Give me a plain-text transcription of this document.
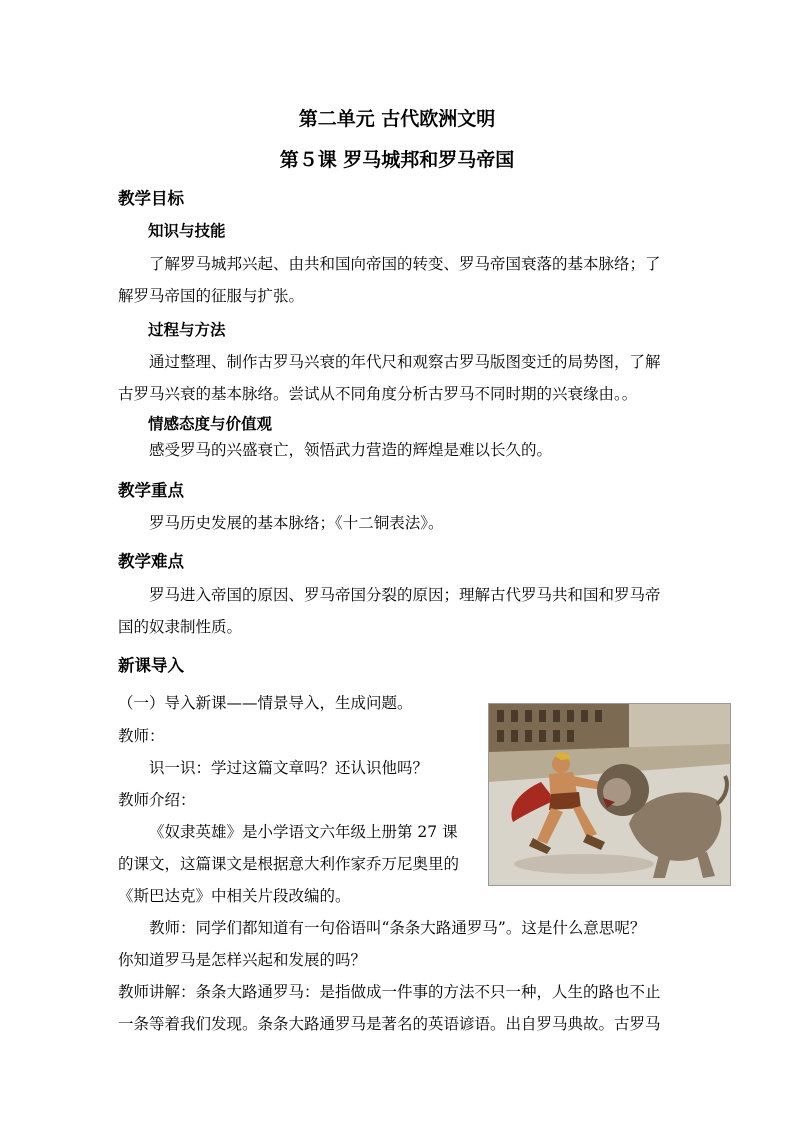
第二单元 古代欧洲文明
第５课 罗马城邦和罗马帝国
教学目标
知识与技能
了解罗马城邦兴起、由共和国向帝国的转变、罗马帝国衰落的基本脉络；了
解罗马帝国的征服与扩张。
过程与方法
通过整理、制作古罗马兴衰的年代尺和观察古罗马版图变迁的局势图，了解
古罗马兴衰的基本脉络。尝试从不同角度分析古罗马不同时期的兴衰缘由。。
情感态度与价值观
感受罗马的兴盛衰亡，领悟武力营造的辉煌是难以长久的。
教学重点
罗马历史发展的基本脉络；《十二铜表法》。
教学难点
罗马进入帝国的原因、罗马帝国分裂的原因；理解古代罗马共和国和罗马帝
国的奴隶制性质。
新课导入
（一）导入新课——情景导入，生成问题。
教师：
识一识：学过这篇文章吗？还认识他吗？
教师介绍：
《奴隶英雄》是小学语文六年级上册第 27 课
的课文，这篇课文是根据意大利作家乔万尼奥里的
《斯巴达克》中相关片段改编的。
教师：同学们都知道有一句俗语叫“条条大路通罗马”。这是什么意思呢？
你知道罗马是怎样兴起和发展的吗？
教师讲解：条条大路通罗马：是指做成一件事的方法不只一种，人生的路也不止
一条等着我们发现。条条大路通罗马是著名的英语谚语。出自罗马典故。古罗马
